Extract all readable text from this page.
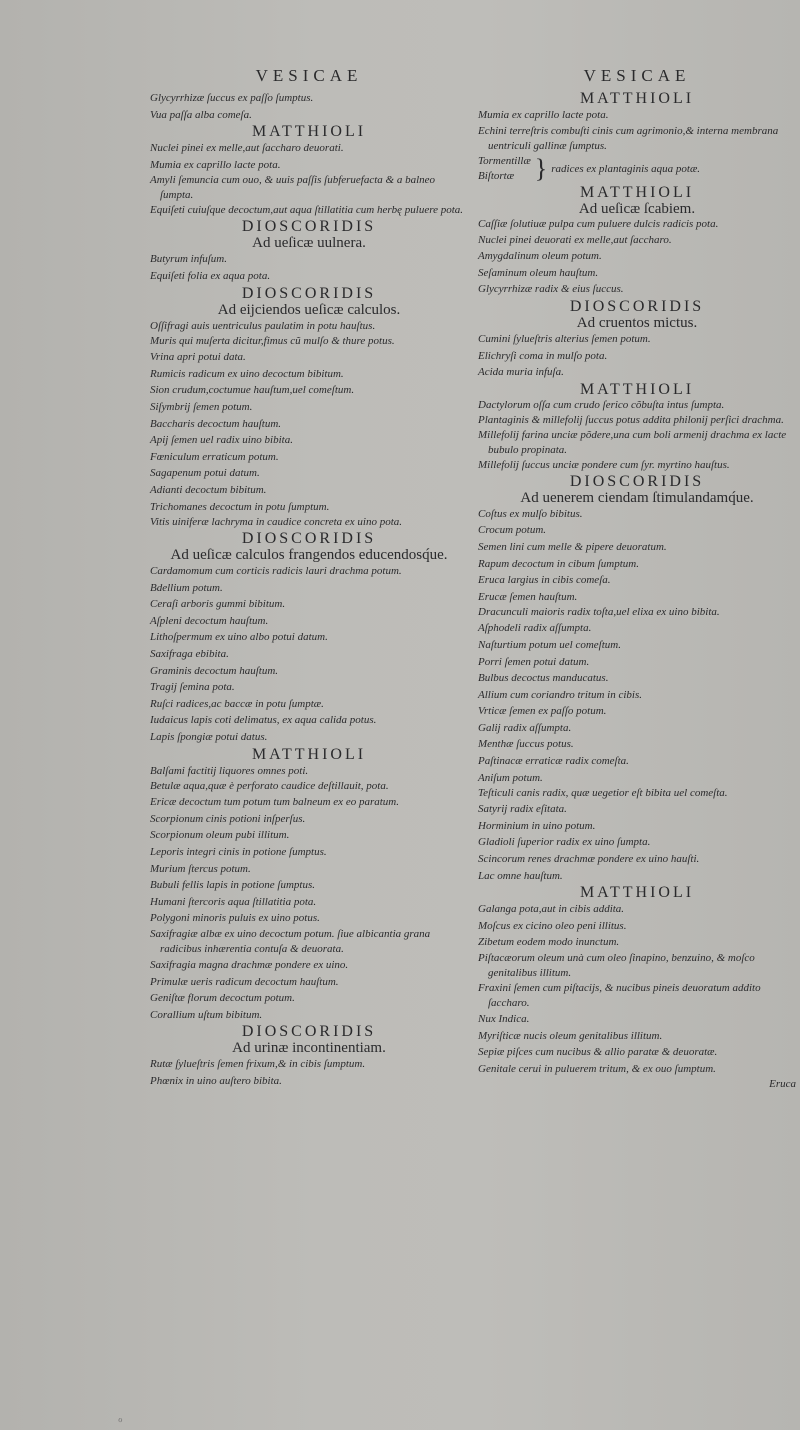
VESICAE

Glycyrrhizæ ſuccus ex paſſo ſumptus.

Vua paſſa alba comeſa.

MATTHIOLI

Nuclei pinei ex melle,aut ſaccharo deuorati.

Mumia ex caprillo lacte pota.

Amyli ſemuncia cum ouo, & uuis paſſis ſubferuefacta & a balneo ſumpta.

Equiſeti cuiuſque decoctum,aut aqua ſtillatitia cum herbę puluere pota.

DIOSCORIDIS
Ad ueſicæ uulnera.

Butyrum infuſum.

Equiſeti folia ex aqua pota.

DIOSCORIDIS
Ad eijciendos ueſicæ calculos.

Oſſifragi auis uentriculus paulatim in potu hauſtus.

Muris qui muſerta dicitur,fimus cũ mulſo & thure potus.

Vrina apri potui data.

Rumicis radicum ex uino decoctum bibitum.

Sion crudum,coctumue hauſtum,uel comeſtum.

Siſymbrij ſemen potum.

Baccharis decoctum hauſtum.

Apij ſemen uel radix uino bibita.

Fœniculum erraticum potum.

Sagapenum potui datum.

Adianti decoctum bibitum.

Trichomanes decoctum in potu ſumptum.

Vitis uiniferæ lachryma in caudice concreta ex uino pota.

DIOSCORIDIS
Ad ueſicæ calculos frangendos educendosq́ue.

Cardamomum cum corticis radicis lauri drachma potum.

Bdellium potum.

Ceraſi arboris gummi bibitum.

Aſpleni decoctum hauſtum.

Lithoſpermum ex uino albo potui datum.

Saxifraga ebibita.

Graminis decoctum hauſtum.

Tragij ſemina pota.

Ruſci radices,ac baccæ in potu ſumptæ.

Iudaicus lapis coti delimatus, ex aqua calida potus.

Lapis ſpongiæ potui datus.

MATTHIOLI

Balſami factitij liquores omnes poti.

Betulæ aqua,quæ è perforato caudice deſtillauit, pota.

Ericæ decoctum tum potum tum balneum ex eo paratum.

Scorpionum cinis potioni inſperſus.

Scorpionum oleum pubi illitum.

Leporis integri cinis in potione ſumptus.

Murium ſtercus potum.

Bubuli fellis lapis in potione ſumptus.

Humani ſtercoris aqua ſtillatitia pota.

Polygoni minoris puluis ex uino potus.

Saxifragiæ albæ ex uino decoctum potum. ſiue albicantia grana radicibus inhærentia contuſa & deuorata.

Saxifragia magna drachmæ pondere ex uino.

Primulæ ueris radicum decoctum hauſtum.

Geniſtæ florum decoctum potum.

Corallium uſtum bibitum.

DIOSCORIDIS
Ad urinæ incontinentiam.

Rutæ ſylueſtris ſemen frixum,& in cibis ſumptum.

Phœnix in uino auſtero bibita.

VESICAE
MATTHIOLI

Mumia ex caprillo lacte pota.

Echini terreſtris combuſti cinis cum agrimonio,& interna membrana uentriculi gallinæ ſumptus.

Tormentillæ
Biſtortæ } radices ex plantaginis aqua potæ.
MATTHIOLI
Ad ueſicæ ſcabiem.

Caſſiæ ſolutiuæ pulpa cum puluere dulcis radicis pota.

Nuclei pinei deuorati ex melle,aut ſaccharo.

Amygdalinum oleum potum.

Seſaminum oleum hauſtum.

Glycyrrhizæ radix & eius ſuccus.

DIOSCORIDIS
Ad cruentos mictus.

Cumini ſylueſtris alterius ſemen potum.

Elichryſi coma in mulſo pota.

Acida muria infuſa.

MATTHIOLI

Dactylorum oſſa cum crudo ſerico cõbuſta intus ſumpta.

Plantaginis & millefolij ſuccus potus addita philonij perſici drachma.

Millefolij farina unciæ põdere,una cum boli armenij drachma ex lacte bubulo propinata.

Millefolij ſuccus unciæ pondere cum ſyr. myrtino hauſtus.

DIOSCORIDIS
Ad uenerem ciendam ſtimulandamq́ue.

Coſtus ex mulſo bibitus.

Crocum potum.

Semen lini cum melle & pipere deuoratum.

Rapum decoctum in cibum ſumptum.

Eruca largius in cibis comeſa.

Erucæ ſemen hauſtum.

Dracunculi maioris radix toſta,uel elixa ex uino bibita.

Aſphodeli radix aſſumpta.

Naſturtium potum uel comeſtum.

Porri ſemen potui datum.

Bulbus decoctus manducatus.

Allium cum coriandro tritum in cibis.

Vrticæ ſemen ex paſſo potum.

Galij radix aſſumpta.

Menthæ ſuccus potus.

Paſtinacæ erraticæ radix comeſta.

Aniſum potum.

Teſticuli canis radix, quæ uegetior eſt bibita uel comeſta.

Satyrij radix eſitata.

Horminium in uino potum.

Gladioli ſuperior radix ex uino ſumpta.

Scincorum renes drachmæ pondere ex uino hauſti.

Lac omne hauſtum.

MATTHIOLI

Galanga pota,aut in cibis addita.

Moſcus ex cicino oleo peni illitus.

Zibetum eodem modo inunctum.

Piſtacæorum oleum unà cum oleo ſinapino, benzuino, & moſco genitalibus illitum.

Fraxini ſemen cum piſtacijs, & nucibus pineis deuoratum addito ſaccharo.

Nux Indica.

Myriſticæ nucis oleum genitalibus illitum.

Sepiæ piſces cum nucibus & allio paratæ & deuoratæ.

Genitale cerui in puluerem tritum, & ex ouo ſumptum.

Eruca

ℴ
